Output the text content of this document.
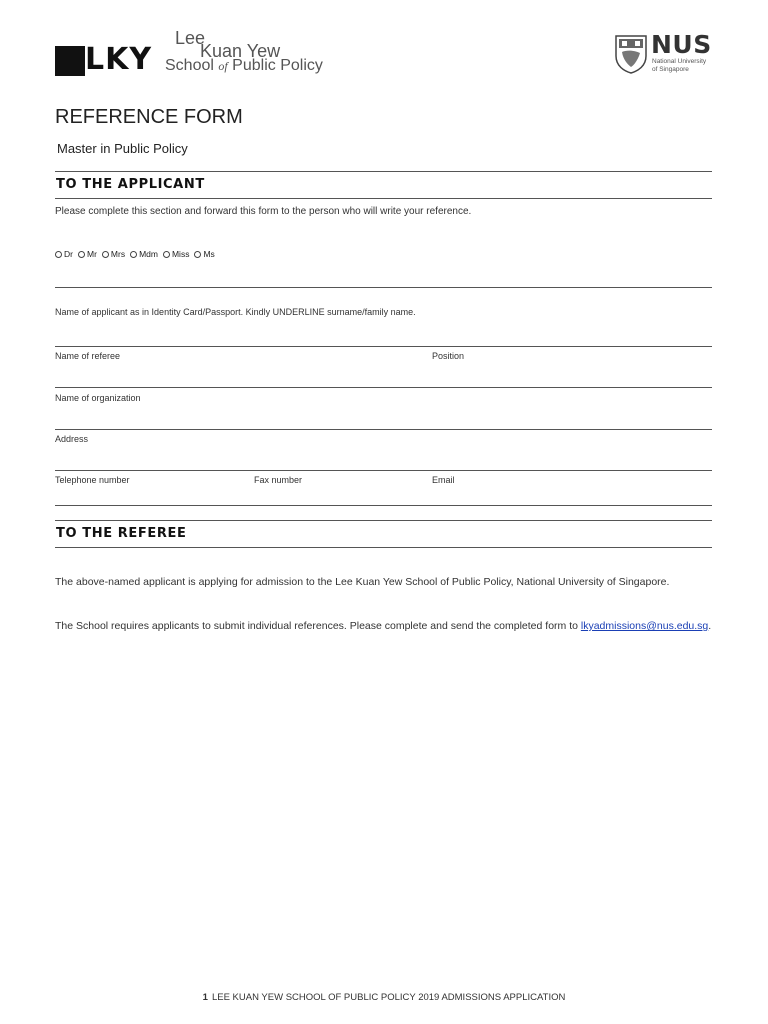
LKY
Lee
Kuan Yew
School of Public Policy
NUS
National University
of Singapore
REFERENCE FORM
Master in Public Policy
TO THE APPLICANT
Please complete this section and forward this form to the person who will write your reference.
Dr Mr Mrs Mdm Miss Ms
Name of applicant as in Identity Card/Passport. Kindly UNDERLINE surname/family name.
Name of referee	Position
Name of organization
Address
Telephone number	Fax number	Email
TO THE REFEREE
The above-named applicant is applying for admission to the Lee Kuan Yew School of Public Policy, National University of Singapore.
The School requires applicants to submit individual references. Please complete and send the completed form to lkyadmissions@nus.edu.sg.
1 LEE KUAN YEW SCHOOL OF PUBLIC POLICY 2019 ADMISSIONS APPLICATION
